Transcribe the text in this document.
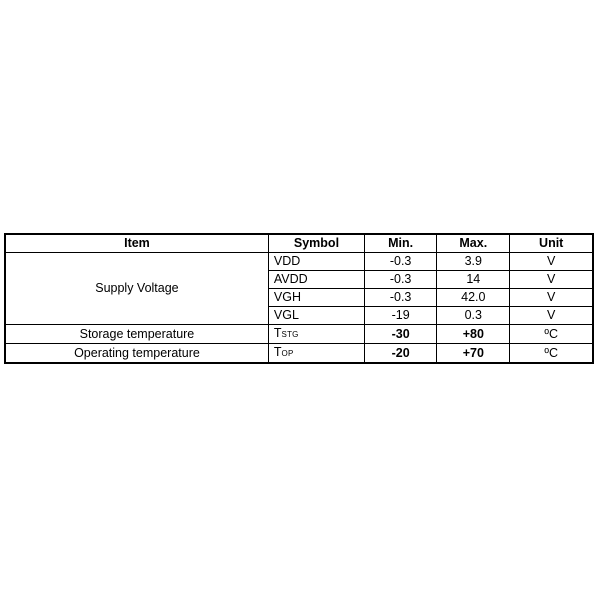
Item	Symbol	Min.	Max.	Unit
Supply Voltage	VDD	-0.3	3.9	V
	AVDD	-0.3	14	V
	VGH	-0.3	42.0	V
	VGL	-19	0.3	V
Storage temperature	TSTG	-30	+80	ºC
Operating temperature	TOP	-20	+70	ºC
